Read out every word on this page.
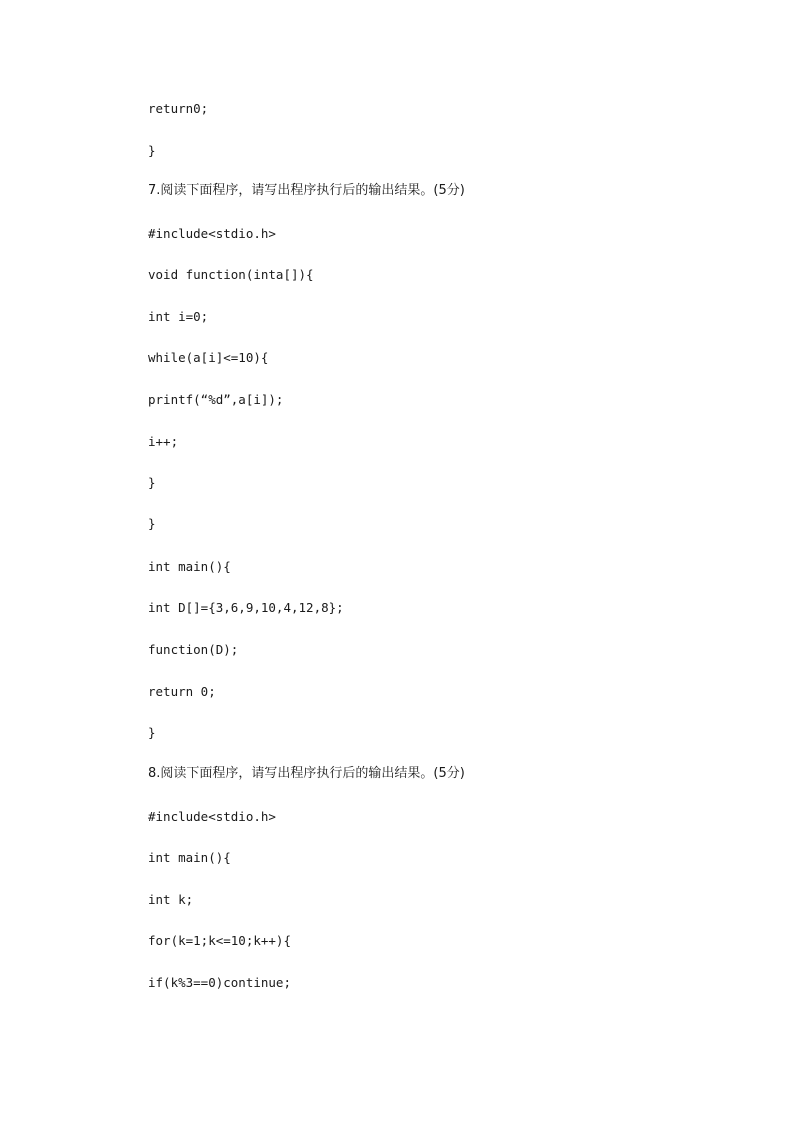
return0;
}
7.阅读下面程序，请写出程序执行后的输出结果。(5分)
#include<stdio.h>
void function(inta[]){
int i=0;
while(a[i]<=10){
printf(“%d”,a[i]);
i++;
}
}
int main(){
int D[]={3,6,9,10,4,12,8};
function(D);
return 0;
}
8.阅读下面程序，请写出程序执行后的输出结果。(5分)
#include<stdio.h>
int main(){
int k;
for(k=1;k<=10;k++){
if(k%3==0)continue;
